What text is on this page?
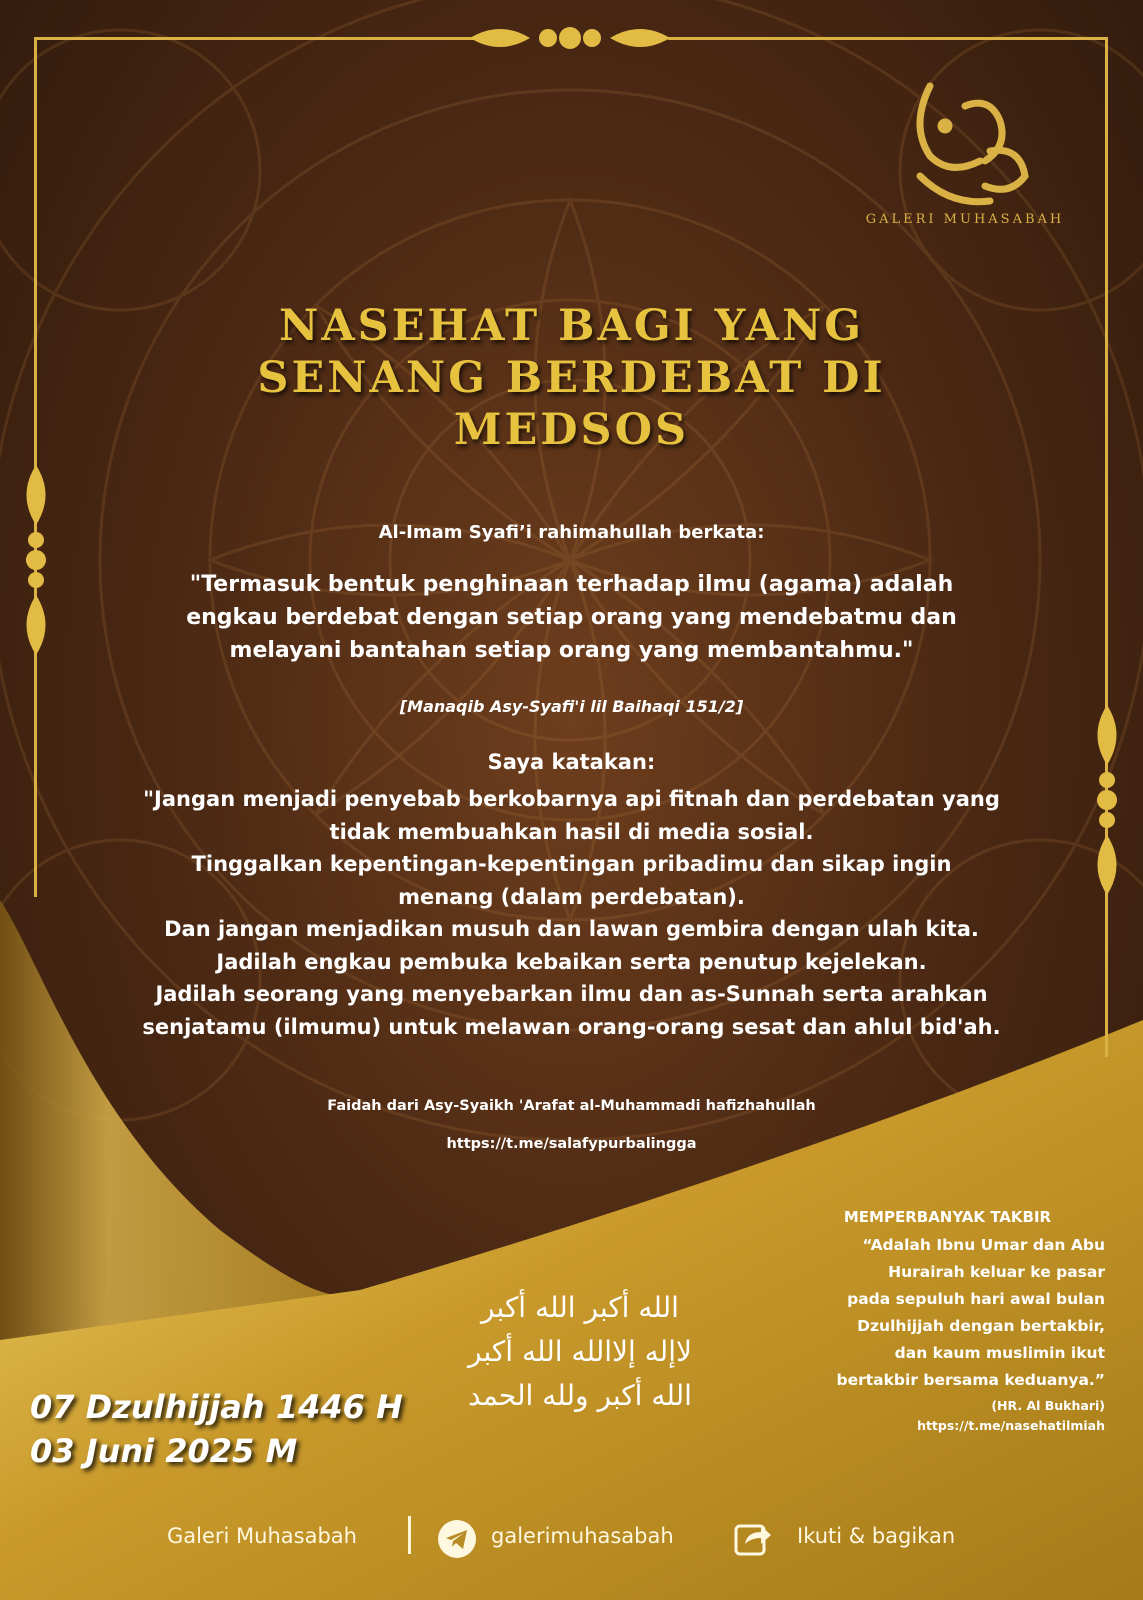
GALERI MUHASABAH
NASEHAT BAGI YANG
SENANG BERDEBAT DI
MEDSOS
Al-Imam Syafi’i rahimahullah berkata:
"Termasuk bentuk penghinaan terhadap ilmu (agama) adalah
engkau berdebat dengan setiap orang yang mendebatmu dan
melayani bantahan setiap orang yang membantahmu."
[Manaqib Asy-Syafi'i lil Baihaqi 151/2]
Saya katakan:
"Jangan menjadi penyebab berkobarnya api fitnah dan perdebatan yang
tidak membuahkan hasil di media sosial.
Tinggalkan kepentingan-kepentingan pribadimu dan sikap ingin
menang (dalam perdebatan).
Dan jangan menjadikan musuh dan lawan gembira dengan ulah kita.
Jadilah engkau pembuka kebaikan serta penutup kejelekan.
Jadilah seorang yang menyebarkan ilmu dan as-Sunnah serta arahkan
senjatamu (ilmumu) untuk melawan orang-orang sesat dan ahlul bid'ah.
Faidah dari Asy-Syaikh 'Arafat al-Muhammadi hafizhahullah
https://t.me/salafypurbalingga
الله أكبر الله أكبر
لاإله إلاالله الله أكبر
الله أكبر ولله الحمد
07 Dzulhijjah 1446 H
03 Juni 2025 M
MEMPERBANYAK TAKBIR
“Adalah Ibnu Umar dan Abu
Hurairah keluar ke pasar
pada sepuluh hari awal bulan
Dzulhijjah dengan bertakbir,
dan kaum muslimin ikut
bertakbir bersama keduanya.”
(HR. Al Bukhari)
https://t.me/nasehatilmiah
Galeri Muhasabah	galerimuhasabah	Ikuti & bagikan
